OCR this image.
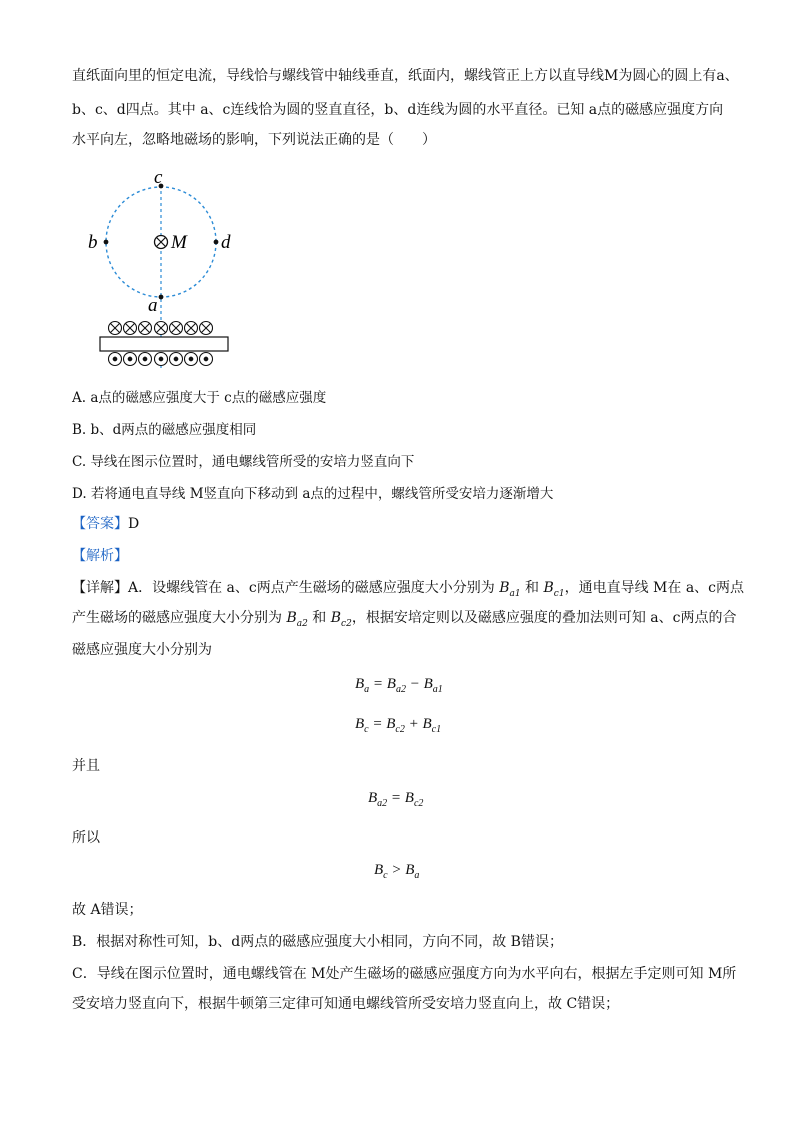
直纸面向里的恒定电流，导线恰与螺线管中轴线垂直，纸面内，螺线管正上方以直导线M为圆心的圆上有a、
b、c、d四点。其中 a、c连线恰为圆的竖直直径，b、d连线为圆的水平直径。已知 a点的磁感应强度方向
水平向左，忽略地磁场的影响，下列说法正确的是（　　）
c
b	d
M
a
A. a点的磁感应强度大于 c点的磁感应强度
B. b、d两点的磁感应强度相同
C. 导线在图示位置时，通电螺线管所受的安培力竖直向下
D. 若将通电直导线 M竖直向下移动到 a点的过程中，螺线管所受安培力逐渐增大
【答案】D
【解析】
【详解】A．设螺线管在 a、c两点产生磁场的磁感应强度大小分别为 $B_{a1}$ 和 $B_{c1}$，通电直导线 M在 a、c两点
产生磁场的磁感应强度大小分别为 $B_{a2}$ 和 $B_{c2}$，根据安培定则以及磁感应强度的叠加法则可知 a、c两点的合
磁感应强度大小分别为
$B_a = B_{a2} - B_{a1}$
$B_c = B_{c2} + B_{c1}$
并且
$B_{a2} = B_{c2}$
所以
$B_c > B_a$
故 A错误；
B．根据对称性可知，b、d两点的磁感应强度大小相同，方向不同，故 B错误；
C．导线在图示位置时，通电螺线管在 M处产生磁场的磁感应强度方向为水平向右，根据左手定则可知 M所
受安培力竖直向下，根据牛顿第三定律可知通电螺线管所受安培力竖直向上，故 C错误；
